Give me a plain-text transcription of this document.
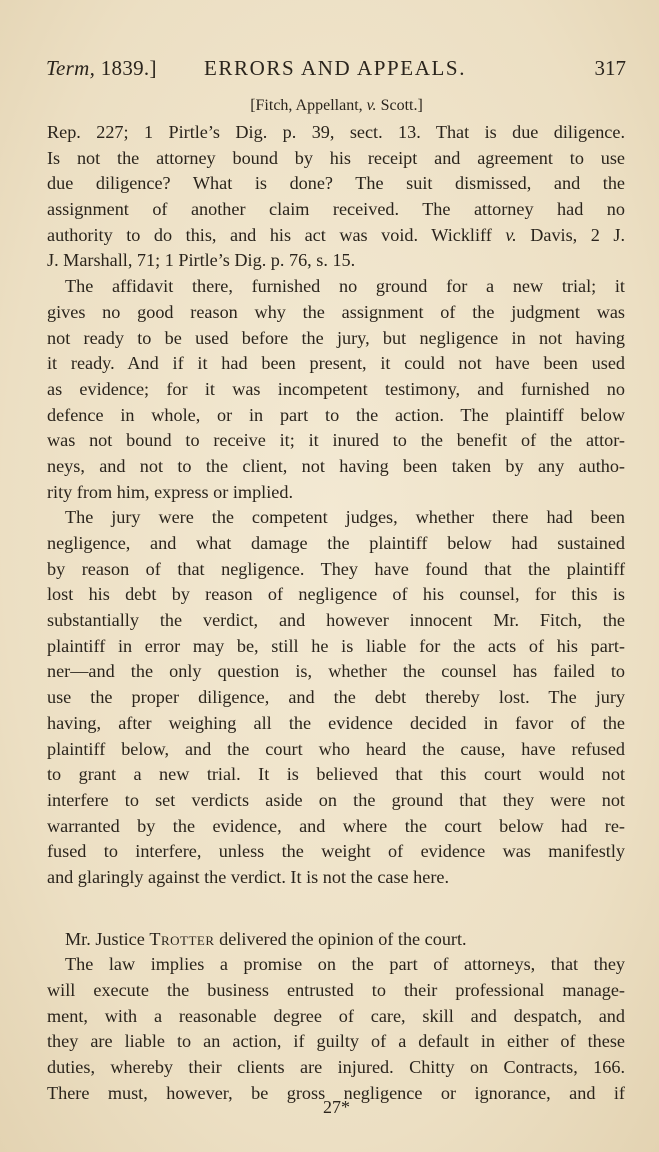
Term, 1839.] ERRORS AND APPEALS.	317
[Fitch, Appellant, v. Scott.]
Rep. 227; 1 Pirtle’s Dig. p. 39, sect. 13. That is due diligence.
Is not the attorney bound by his receipt and agreement to use
due diligence? What is done? The suit dismissed, and the
assignment of another claim received. The attorney had no
authority to do this, and his act was void. Wickliff v. Davis, 2 J.
J. Marshall, 71; 1 Pirtle’s Dig. p. 76, s. 15.
The affidavit there, furnished no ground for a new trial; it
gives no good reason why the assignment of the judgment was
not ready to be used before the jury, but negligence in not having
it ready. And if it had been present, it could not have been used
as evidence; for it was incompetent testimony, and furnished no
defence in whole, or in part to the action. The plaintiff below
was not bound to receive it; it inured to the benefit of the attor-
neys, and not to the client, not having been taken by any autho-
rity from him, express or implied.
The jury were the competent judges, whether there had been
negligence, and what damage the plaintiff below had sustained
by reason of that negligence. They have found that the plaintiff
lost his debt by reason of negligence of his counsel, for this is
substantially the verdict, and however innocent Mr. Fitch, the
plaintiff in error may be, still he is liable for the acts of his part-
ner—and the only question is, whether the counsel has failed to
use the proper diligence, and the debt thereby lost. The jury
having, after weighing all the evidence decided in favor of the
plaintiff below, and the court who heard the cause, have refused
to grant a new trial. It is believed that this court would not
interfere to set verdicts aside on the ground that they were not
warranted by the evidence, and where the court below had re-
fused to interfere, unless the weight of evidence was manifestly
and glaringly against the verdict. It is not the case here.
Mr. Justice Trotter delivered the opinion of the court.
The law implies a promise on the part of attorneys, that they
will execute the business entrusted to their professional manage-
ment, with a reasonable degree of care, skill and despatch, and
they are liable to an action, if guilty of a default in either of these
duties, whereby their clients are injured. Chitty on Contracts, 166.
There must, however, be gross negligence or ignorance, and if
27*
